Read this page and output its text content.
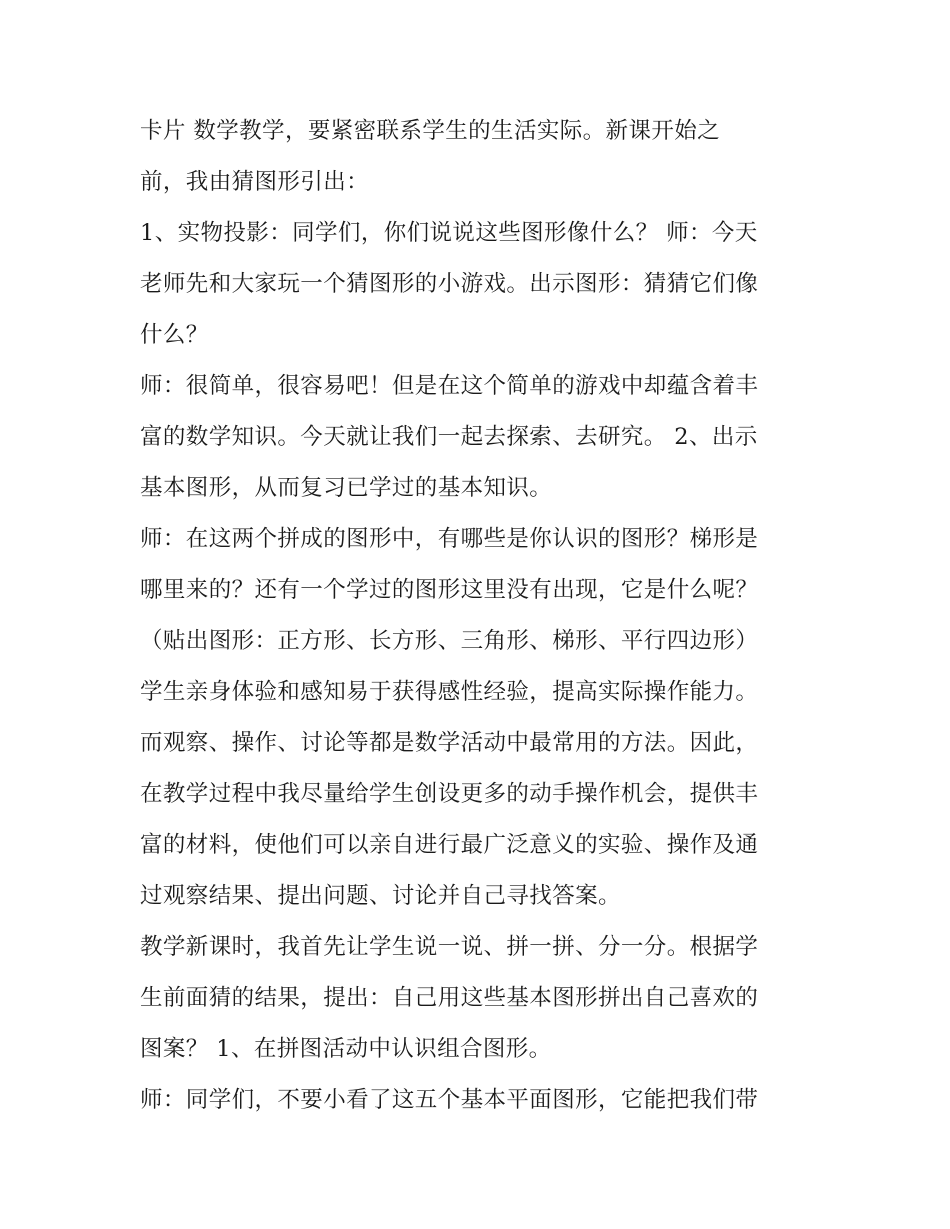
卡片 数学教学，要紧密联系学生的生活实际。新课开始之
前，我由猜图形引出：
1、实物投影：同学们，你们说说这些图形像什么？ 师：今天
老师先和大家玩一个猜图形的小游戏。出示图形：猜猜它们像
什么？
师：很简单，很容易吧！但是在这个简单的游戏中却蕴含着丰
富的数学知识。今天就让我们一起去探索、去研究。 2、出示
基本图形，从而复习已学过的基本知识。
师：在这两个拼成的图形中，有哪些是你认识的图形？梯形是
哪里来的？还有一个学过的图形这里没有出现，它是什么呢？
（贴出图形：正方形、长方形、三角形、梯形、平行四边形）
学生亲身体验和感知易于获得感性经验，提高实际操作能力。
而观察、操作、讨论等都是数学活动中最常用的方法。因此，
在教学过程中我尽量给学生创设更多的动手操作机会，提供丰
富的材料，使他们可以亲自进行最广泛意义的实验、操作及通
过观察结果、提出问题、讨论并自己寻找答案。
教学新课时，我首先让学生说一说、拼一拼、分一分。根据学
生前面猜的结果，提出：自己用这些基本图形拼出自己喜欢的
图案？ 1、在拼图活动中认识组合图形。
师：同学们，不要小看了这五个基本平面图形，它能把我们带
